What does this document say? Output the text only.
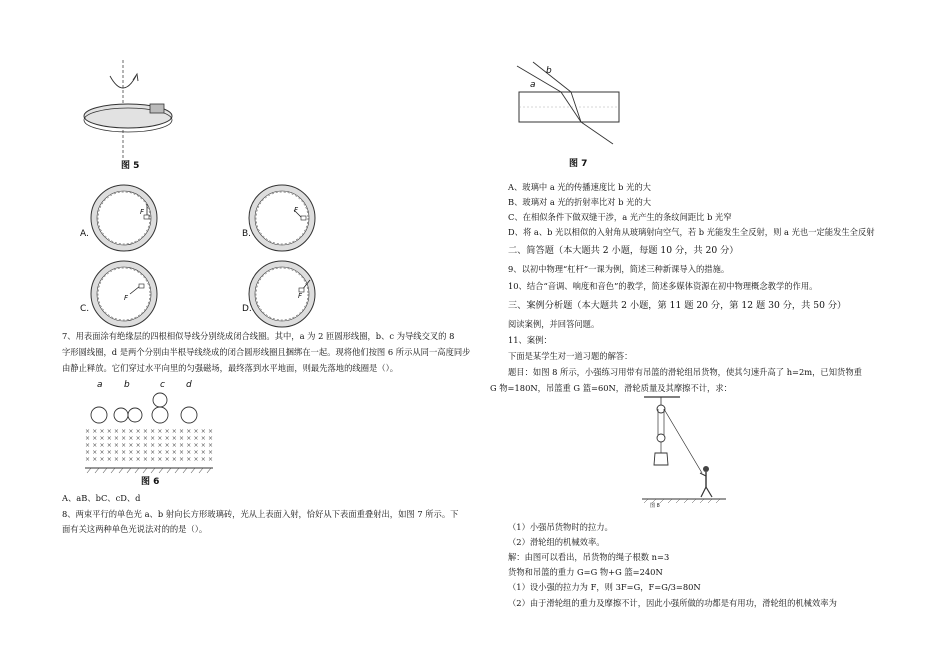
图 5
A.	B.
C.	D.
F	F
F	F
7、用表面涂有绝缘层的四根相似导线分别绕成闭合线圈。其中，a 为 2 匝圆形线圈，b、c 为导线交叉的 8
字形圆线圈，d 是两个分别由半根导线绕成的闭合圆形线圈且捆绑在一起。现将他们按图 6 所示从同一高度同步
由静止释放。它们穿过水平向里的匀强磁场，最终落到水平地面，则最先落地的线圈是（）。
a b	c d
× × × × × × × × × × × × × × × × × ×
× × × × × × × × × × × × × × × × × ×
× × × × × × × × × × × × × × × × × ×
× × × × × × × × × × × × × × × × × ×
× × × × × × × × × × × × × × × × × ×
图 6
A、aB、bC、cD、d
8、两束平行的单色光 a、b 射向长方形玻璃砖，光从上表面入射，恰好从下表面重叠射出，如图 7 所示。下
面有关这两种单色光说法对的的是（）。
a
b
图 7
A、玻璃中 a 光的传播速度比 b 光的大
B、玻璃对 a 光的折射率比对 b 光的大
C、在相似条件下做双缝干涉，a 光产生的条纹间距比 b 光窄
D、将 a、b 光以相似的入射角从玻璃射向空气，若 b 光能发生全反射，则 a 光也一定能发生全反射
二、简答题（本大题共 2 小题，每题 10 分，共 20 分）
9、以初中物理“杠杆”一课为例，简述三种新课导入的措施。
10、结合“音调、响度和音色”的教学，简述多媒体资源在初中物理概念教学的作用。
三、案例分析题（本大题共 2 小题，第 11 题 20 分，第 12 题 30 分，共 50 分）
阅读案例，并回答问题。
11、案例：
下面是某学生对一道习题的解答：
题目：如图 8 所示，小强练习用带有吊篮的滑轮组吊货物，使其匀速升高了 h=2m，已知货物重
G 物=180N，吊篮重 G 篮=60N，滑轮质量及其摩擦不计，求：
图 8
（1）小强吊货物时的拉力。
（2）滑轮组的机械效率。
解：由图可以看出，吊货物的绳子根数 n=3
货物和吊篮的重力 G=G 物+G 篮=240N
（1）设小强的拉力为 F，则 3F=G，F=G/3=80N
（2）由于滑轮组的重力及摩擦不计，因此小强所做的功都是有用功，滑轮组的机械效率为
